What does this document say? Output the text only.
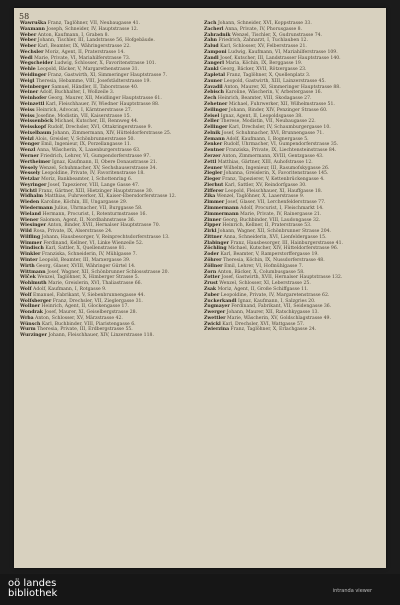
58
Wawruška Franz, Taglöhner, VII, Neubaugasse 41.
Waxmann Joseph, Schneider, IV, Hauptstrasse 12.
Weber Anton, Kaufmann, I, Graben 8.
Weber Johann, Tischler, III, Landstrasse 56, Hofgebäude.
Weber Karl, Beamter, IX, Währingerstrasse 22.
Wechsler Moriz, Agent, II, Praterstrasse 14.
Wedl Marie, Private, VI, Mariahilferstrasse 73.
Wegscheider Ludwig, Schlosser, X, Favoritenstrasse 101.
Wehle Leopold, Bäcker, V, Margarethenstrasse 31.
Weidinger Franz, Gastwirth, XI, Simmeringer Hauptstrasse 7.
Weigl Theresia, Hebamme, VIII, Josefstädterstrasse 19.
Weinberger Samuel, Händler, II, Taborstrasse 40.
Weiner Adolf, Buchhalter, I, Wollzeile 3.
Weinhofer Georg, Maurer, XII, Meidlinger Hauptstrasse 61.
Weinzettl Karl, Fleischhauer, IV, Wiedner Hauptstrasse 88.
Weiss Heinrich, Advocat, I, Kärntnerstrasse 27.
Weiss Josefine, Modistin, VII, Kaiserstrasse 15.
Weissenböck Michael, Kutscher, III, Rennweg 44.
Weisskopf Rudolf, Drechsler, XVI, Ottakringerstrasse 9.
Weixelbaum Johann, Zimmermann, XIV, Hütteldorferstrasse 25.
Welzl Alois, Greisler, V, Schönbrunnerstrasse 50.
Wenger Emil, Ingenieur, IX, Porzellangasse 11.
Wenzl Anna, Wäscherin, X, Laxenburgerstrasse 63.
Werner Friedrich, Lehrer, VI, Gumpendorferstrasse 97.
Wertheimer Ignaz, Kaufmann, II, Obere Donaustrasse 21.
Wesely Wenzel, Schuhmacher, XV, Sechshauserstrasse 34.
Wessely Leopoldine, Private, IV, Favoritenstrasse 18.
Wetzlar Moriz, Bankbeamter, I, Schottenring 6.
Weyringer Josef, Tapezierer, VIII, Lange Gasse 47.
Wichtl Franz, Gärtner, XIII, Hietzinger Hauptstrasse 30.
Widhalm Matthias, Fuhrwerker, XI, Kaiser-Ebersdorferstrasse 12.
Wieden Karoline, Köchin, III, Ungargasse 29.
Wiedermann Julius, Uhrmacher, VII, Burggasse 58.
Wieland Hermann, Procurist, I, Rotenturmstrasse 16.
Wiener Salomon, Agent, II, Nordbahnstrasse 36.
Wiesinger Anton, Binder, XVII, Hernalser Hauptstrasse 70.
Wild Rosa, Private, IX, Alserstrasse 24.
Wilfling Johann, Hausbesorger, V, Reinprechtsdorferstrasse 13.
Wimmer Ferdinand, Kellner, VI, Linke Wienzeile 52.
Windisch Karl, Sattler, X, Quellenstrasse 81.
Winkler Franziska, Schneiderin, IV, Mühlgasse 7.
Winter Leopold, Beamter, III, Marxergasse 39.
Wirth Georg, Glaser, XVIII, Währinger Gürtel 14.
Wittmann Josef, Wagner, XII, Schönbrunner Schlossstrasse 20.
Wlček Wenzel, Taglöhner, X, Himberger Strasse 5.
Wohlmuth Marie, Greislerin, XVI, Thaliastrasse 66.
Wolf Adolf, Kaufmann, I, Rotgasse 9.
Wolf Emanuel, Fabrikant, V, Siebenbrunnengasse 44.
Wolfsberger Franz, Drechsler, VII, Zieglergasse 31.
Wollner Heinrich, Agent, II, Glockengasse 17.
Wondrak Josef, Maurer, XI, Geiselbergstrasse 28.
Wrba Anton, Schlosser, XV, Märzstrasse 42.
Wünsch Karl, Buchbinder, VIII, Piaristengasse 6.
Wurm Theresia, Private, III, Erdbergstrasse 55.
Wurzinger Johann, Fleischhauer, XIV, Linzerstrasse 118.
Zach Johann, Schneider, XVI, Koppstrasse 33.
Zacherl Anna, Private, IV, Phorusgasse 8.
Zahradnik Wenzel, Tischler, X, Gudrunstrasse 74.
Zahn Friedrich, Zahnarzt, I, Tuchlauben 12.
Zalud Karl, Schlosser, XV, Felberstrasse 21.
Zamponi Ludwig, Kaufmann, VI, Mariahilferstrasse 109.
Zandl Josef, Kutscher, III, Landstrasser Hauptstrasse 140.
Zangerl Maria, Köchin, IX, Berggasse 19.
Zankl Georg, Bäcker, XVII, Rötzergasse 23.
Zapletal Franz, Taglöhner, X, Quellenplatz 3.
Zauner Leopold, Gastwirth, XIII, Lainzerstrasse 45.
Zavadil Anton, Maurer, XI, Simmeringer Hauptstrasse 88.
Zebisch Karoline, Wäscherin, V, Arbeitergasse 16.
Zech Heinrich, Beamter, VIII, Skodagasse 27.
Zehetner Michael, Fuhrwerker, XII, Wilhelmstrasse 51.
Zeilinger Johann, Binder, XIV, Penzinger Strasse 60.
Zeisel Ignaz, Agent, II, Leopoldsgasse 38.
Zeller Therese, Modistin, VII, Neubaugasse 22.
Zellinger Karl, Drechsler, IV, Schaumburgergasse 10.
Zelnik Josef, Schuhmacher, XVI, Brunnengasse 71.
Zemann Adolf, Kaufmann, I, Bognergasse 5.
Zenker Rudolf, Uhrmacher, VI, Gumpendorferstrasse 35.
Zentner Franziska, Private, IX, Liechtensteinstrasse 84.
Zerzer Anton, Zimmermann, XVIII, Gentzgasse 43.
Zettl Matthias, Gärtner, XIII, Auhofstrasse 12.
Zeuner Wilhelm, Ingenieur, III, Rasumofskygasse 26.
Ziegler Johanna, Greislerin, X, Favoritenstrasse 145.
Zieger Franz, Tapezierer, V, Kettenbrückengasse 4.
Zierhut Karl, Sattler, XV, Reindorfgasse 30.
Zifferer Leopold, Fleischhauer, XI, Hauffgasse 18.
Zika Wenzel, Taglöhner, X, Laaerstrasse 9.
Zimmer Josef, Glaser, VII, Lerchenfelderstrasse 77.
Zimmermann Adolf, Procurist, I, Fleischmarkt 14.
Zimmermann Marie, Private, IV, Rainergasse 21.
Zinner Georg, Buchbinder, VIII, Laudongasse 32.
Zipper Heinrich, Kellner, II, Praterstrasse 53.
Zirkl Johann, Wagner, XII, Schönbrunner Strasse 204.
Zittner Anna, Schneiderin, XVI, Lienfeldergasse 15.
Zlabinger Franz, Hausbesorger, III, Hainburgerstrasse 41.
Zöchling Michael, Kutscher, XIV, Hütteldorferstrasse 96.
Zoder Karl, Beamter, V, Ramperstorffergasse 19.
Zöhrer Theresia, Köchin, IX, Nussdorferstrasse 48.
Zöllner Emil, Lehrer, VI, Hofmühlgasse 7.
Zorn Anton, Bäcker, X, Columbusgasse 58.
Zotter Josef, Gastwirth, XVII, Hernalser Hauptstrasse 132.
Zrust Wenzel, Schlosser, XI, Leberstrasse 25.
Zsak Moriz, Agent, II, Große Schiffgasse 11.
Zuber Leopoldine, Private, IV, Margaretenstrasse 62.
Zuckerkandl Ignaz, Kaufmann, I, Salzgries 20.
Zugmayer Ferdinand, Fabrikant, VII, Seidengasse 36.
Zwerger Johann, Maurer, XII, Ratschkygasse 13.
Zwettler Marie, Wäscherin, XV, Goldschlagstrasse 49.
Zwickl Karl, Drechsler, XVI, Wattgasse 57.
Zwierzina Franz, Taglöhner, X, Erlachgasse 24.
oö landes
bibliothek	intranda viewer
